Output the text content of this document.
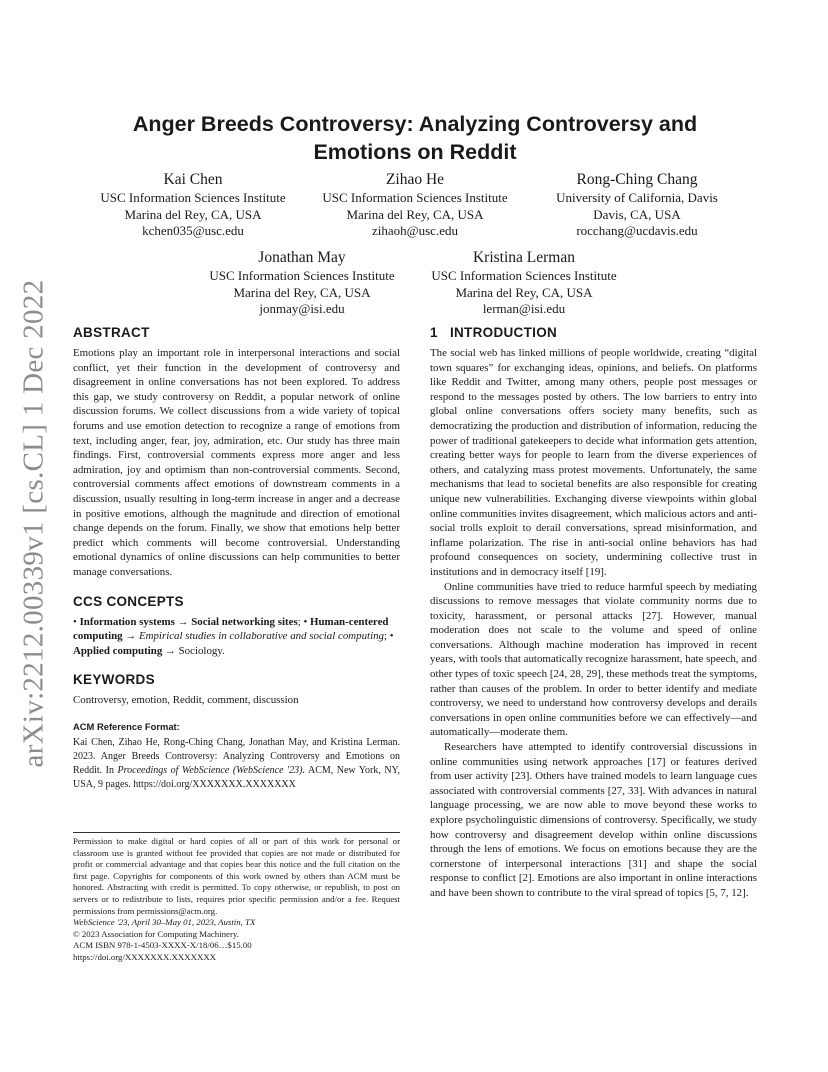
arXiv:2212.00339v1 [cs.CL] 1 Dec 2022
Anger Breeds Controversy: Analyzing Controversy and Emotions on Reddit
Kai Chen
USC Information Sciences Institute
Marina del Rey, CA, USA
kchen035@usc.edu
Zihao He
USC Information Sciences Institute
Marina del Rey, CA, USA
zihaoh@usc.edu
Rong-Ching Chang
University of California, Davis
Davis, CA, USA
rocchang@ucdavis.edu
Jonathan May
USC Information Sciences Institute
Marina del Rey, CA, USA
jonmay@isi.edu
Kristina Lerman
USC Information Sciences Institute
Marina del Rey, CA, USA
lerman@isi.edu
ABSTRACT

Emotions play an important role in interpersonal interactions and social conflict, yet their function in the development of controversy and disagreement in online conversations has not been explored. To address this gap, we study controversy on Reddit, a popular network of online discussion forums. We collect discussions from a wide variety of topical forums and use emotion detection to recognize a range of emotions from text, including anger, fear, joy, admiration, etc. Our study has three main findings. First, controversial comments express more anger and less admiration, joy and optimism than non-controversial comments. Second, controversial comments affect emotions of downstream comments in a discussion, usually resulting in long-term increase in anger and a decrease in positive emotions, although the magnitude and direction of emotional change depends on the forum. Finally, we show that emotions help better predict which comments will become controversial. Understanding emotional dynamics of online discussions can help communities to better manage conversations.

CCS CONCEPTS

• Information systems → Social networking sites; • Human-centered computing → Empirical studies in collaborative and social computing; • Applied computing → Sociology.

KEYWORDS

Controversy, emotion, Reddit, comment, discussion

ACM Reference Format:

Kai Chen, Zihao He, Rong-Ching Chang, Jonathan May, and Kristina Lerman. 2023. Anger Breeds Controversy: Analyzing Controversy and Emotions on Reddit. In Proceedings of WebScience (WebScience '23). ACM, New York, NY, USA, 9 pages. https://doi.org/XXXXXXX.XXXXXXX

Permission to make digital or hard copies of all or part of this work for personal or classroom use is granted without fee provided that copies are not made or distributed for profit or commercial advantage and that copies bear this notice and the full citation on the first page. Copyrights for components of this work owned by others than ACM must be honored. Abstracting with credit is permitted. To copy otherwise, or republish, to post on servers or to redistribute to lists, requires prior specific permission and/or a fee. Request permissions from permissions@acm.org.

WebScience '23, April 30–May 01, 2023, Austin, TX

© 2023 Association for Computing Machinery.

ACM ISBN 978-1-4503-XXXX-X/18/06…$15.00

https://doi.org/XXXXXXX.XXXXXXX

1   INTRODUCTION

The social web has linked millions of people worldwide, creating “digital town squares” for exchanging ideas, opinions, and beliefs. On platforms like Reddit and Twitter, among many others, people post messages or respond to the messages posted by others. The low barriers to entry into global online conversations offers society many benefits, such as democratizing the production and distribution of information, reducing the power of traditional gatekeepers to decide what information gets attention, creating better ways for people to learn from the diverse experiences of others, and catalyzing mass protest movements. Unfortunately, the same mechanisms that lead to societal benefits are also responsible for creating unique new vulnerabilities. Exchanging diverse viewpoints within global online communities invites disagreement, which malicious actors and anti-social trolls exploit to derail conversations, spread misinformation, and inflame polarization. The rise in anti-social online behaviors has had profound consequences on society, undermining collective trust in institutions and in democracy itself [19].

Online communities have tried to reduce harmful speech by mediating discussions to remove messages that violate community norms due to toxicity, harassment, or personal attacks [27]. However, manual moderation does not scale to the volume and speed of online conversations. Although machine moderation has improved in recent years, with tools that automatically recognize harassment, hate speech, and other types of toxic speech [24, 28, 29], these methods treat the symptoms, rather than causes of the problem. In order to better identify and mediate controversy, we need to understand how controversy develops and derails conversations in open online communities before we can effectively—and automatically—moderate them.

Researchers have attempted to identify controversial discussions in online communities using network approaches [17] or features derived from user activity [23]. Others have trained models to learn language cues associated with controversial comments [27, 33]. With advances in natural language processing, we are now able to move beyond these works to explore psycholinguistic dimensions of controversy. Specifically, we study how controversy and disagreement develop within online discussions through the lens of emotions. We focus on emotions because they are the cornerstone of interpersonal interactions [31] and shape the social response to conflict [2]. Emotions are also important in online interactions and have been shown to contribute to the viral spread of topics [5, 7, 12].
